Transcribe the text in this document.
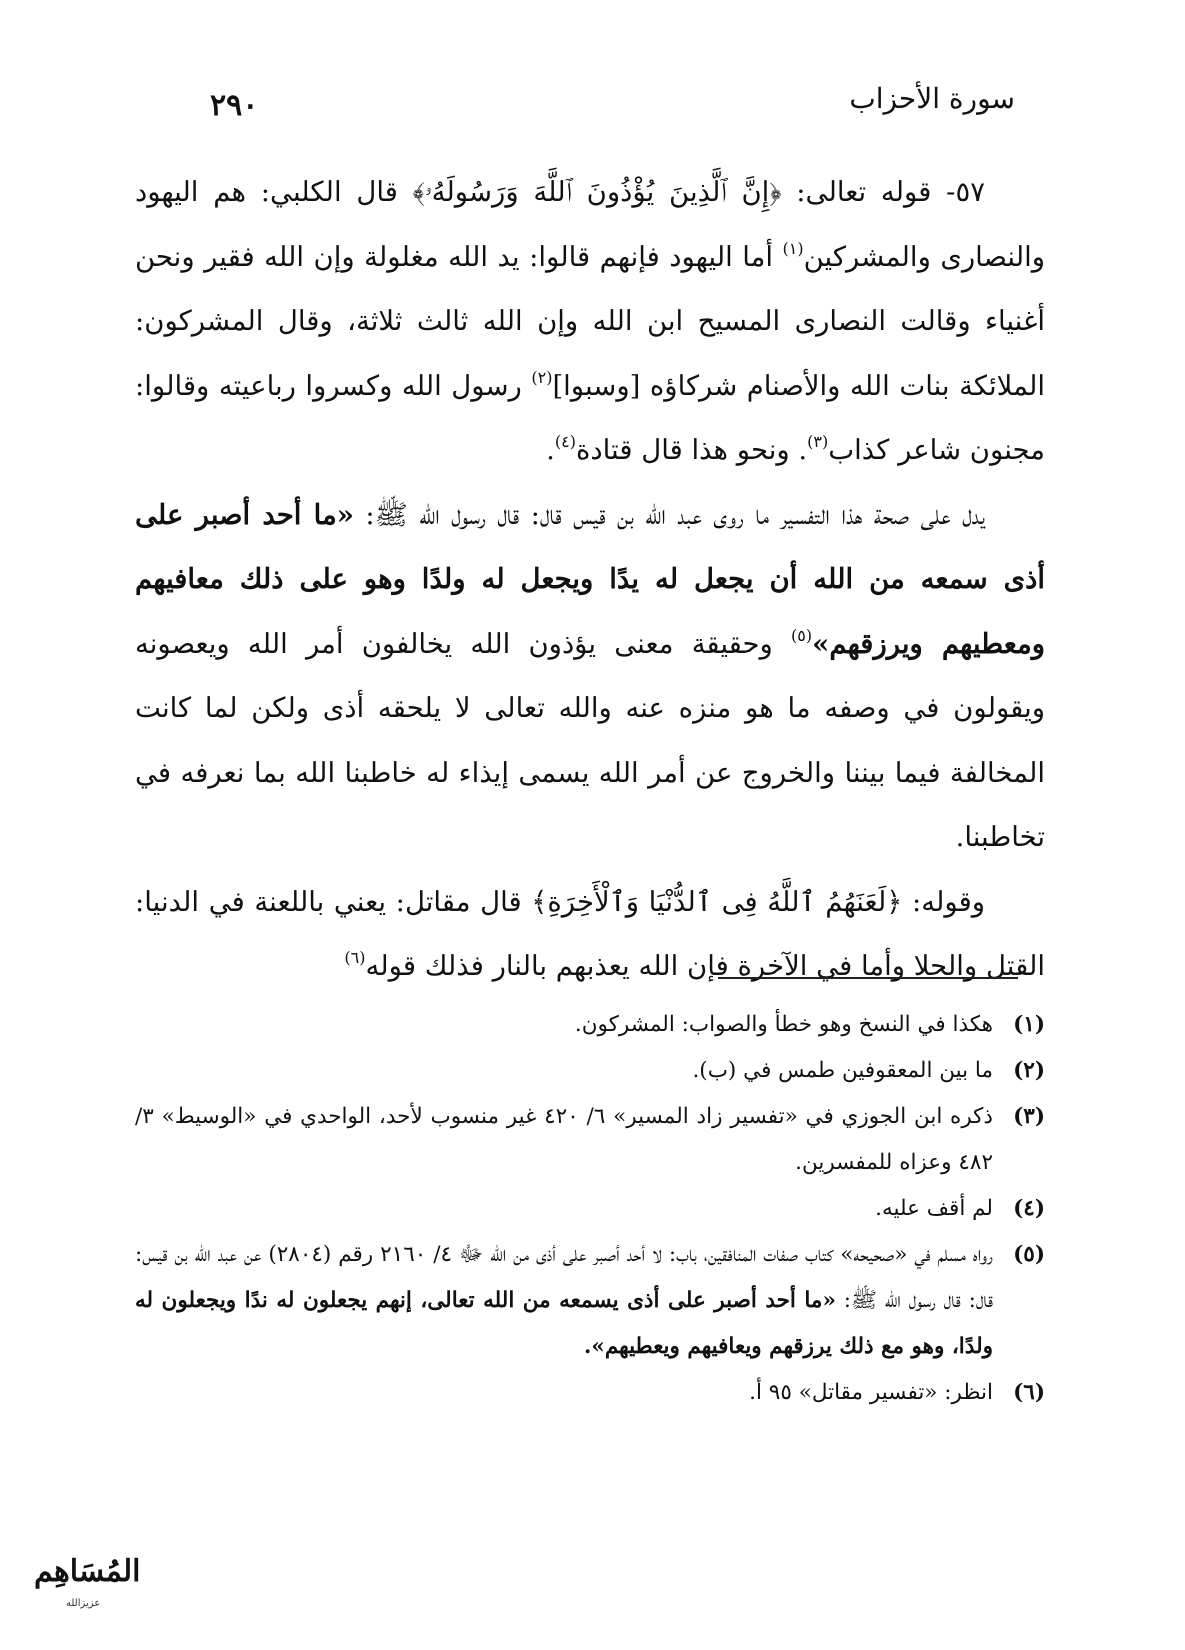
٢٩٠	سورة الأحزاب

٥٧- قوله تعالى: ﴿إِنَّ ٱلَّذِينَ يُؤْذُونَ ٱللَّهَ وَرَسُولَهُۥ﴾ قال الكلبي: هم اليهود والنصارى والمشركين$^{(١)}$ أما اليهود فإنهم قالوا: يد الله مغلولة وإن الله فقير ونحن أغنياء وقالت النصارى المسيح ابن الله وإن الله ثالث ثلاثة، وقال المشركون: الملائكة بنات الله والأصنام شركاؤه [وسبوا]$^{(٢)}$ رسول الله وكسروا رباعيته وقالوا: مجنون شاعر كذاب$^{(٣)}$. ونحو هذا قال قتادة$^{(٤)}$.

يدل على صحة هذا التفسير ما روى عبد الله بن قيس قال: قال رسول الله ﷺ: «ما أحد أصبر على أذى سمعه من الله أن يجعل له يدًا ويجعل له ولدًا وهو على ذلك معافيهم ومعطيهم ويرزقهم»$^{(٥)}$ وحقيقة معنى يؤذون الله يخالفون أمر الله ويعصونه ويقولون في وصفه ما هو منزه عنه والله تعالى لا يلحقه أذى ولكن لما كانت المخالفة فيما بيننا والخروج عن أمر الله يسمى إيذاء له خاطبنا الله بما نعرفه في تخاطبنا.

وقوله: ﴿لَعَنَهُمُ ٱللَّهُ فِى ٱلدُّنْيَا وَٱلْأَخِرَةِ﴾ قال مقاتل: يعني باللعنة في الدنيا: القتل والجلا وأما في الآخرة فإن الله يعذبهم بالنار فذلك قوله$^{(٦)}$

(١)
هكذا في النسخ وهو خطأ والصواب: المشركون.
(٢)
ما بين المعقوفين طمس في (ب).
(٣)
ذكره ابن الجوزي في «تفسير زاد المسير» ٦/ ٤٢٠ غير منسوب لأحد، الواحدي في «الوسيط» ٣/ ٤٨٢ وعزاه للمفسرين.
(٤)
لم أقف عليه.
(٥)
رواه مسلم في «صحيحه» كتاب صفات المنافقين، باب: لا أحد أصبر على أذى من الله ﷻ ٤/ ٢١٦٠ رقم (٢٨٠٤) عن عبد الله بن قيس: قال: قال رسول الله ﷺ: «ما أحد أصبر على أذى يسمعه من الله تعالى، إنهم يجعلون له ندًا ويجعلون له ولدًا، وهو مع ذلك يرزقهم ويعافيهم ويعطيهم».
(٦)
انظر: «تفسير مقاتل» ٩٥ أ.
المُسَاهِم
عزيزالله
